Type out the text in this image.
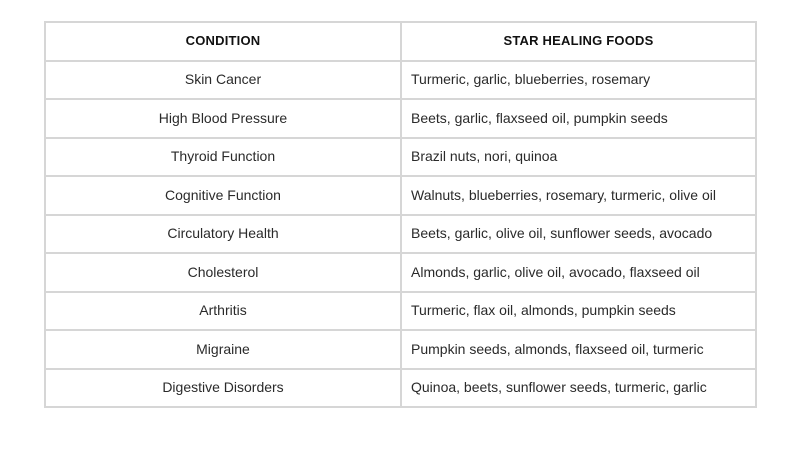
CONDITION	STAR HEALING FOODS
Skin Cancer	Turmeric, garlic, blueberries, rosemary
High Blood Pressure	Beets, garlic, flaxseed oil, pumpkin seeds
Thyroid Function	Brazil nuts, nori, quinoa
Cognitive Function	Walnuts, blueberries, rosemary, turmeric, olive oil
Circulatory Health	Beets, garlic, olive oil, sunflower seeds, avocado
Cholesterol	Almonds, garlic, olive oil, avocado, flaxseed oil
Arthritis	Turmeric, flax oil, almonds, pumpkin seeds
Migraine	Pumpkin seeds, almonds, flaxseed oil, turmeric
Digestive Disorders	Quinoa, beets, sunflower seeds, turmeric, garlic
